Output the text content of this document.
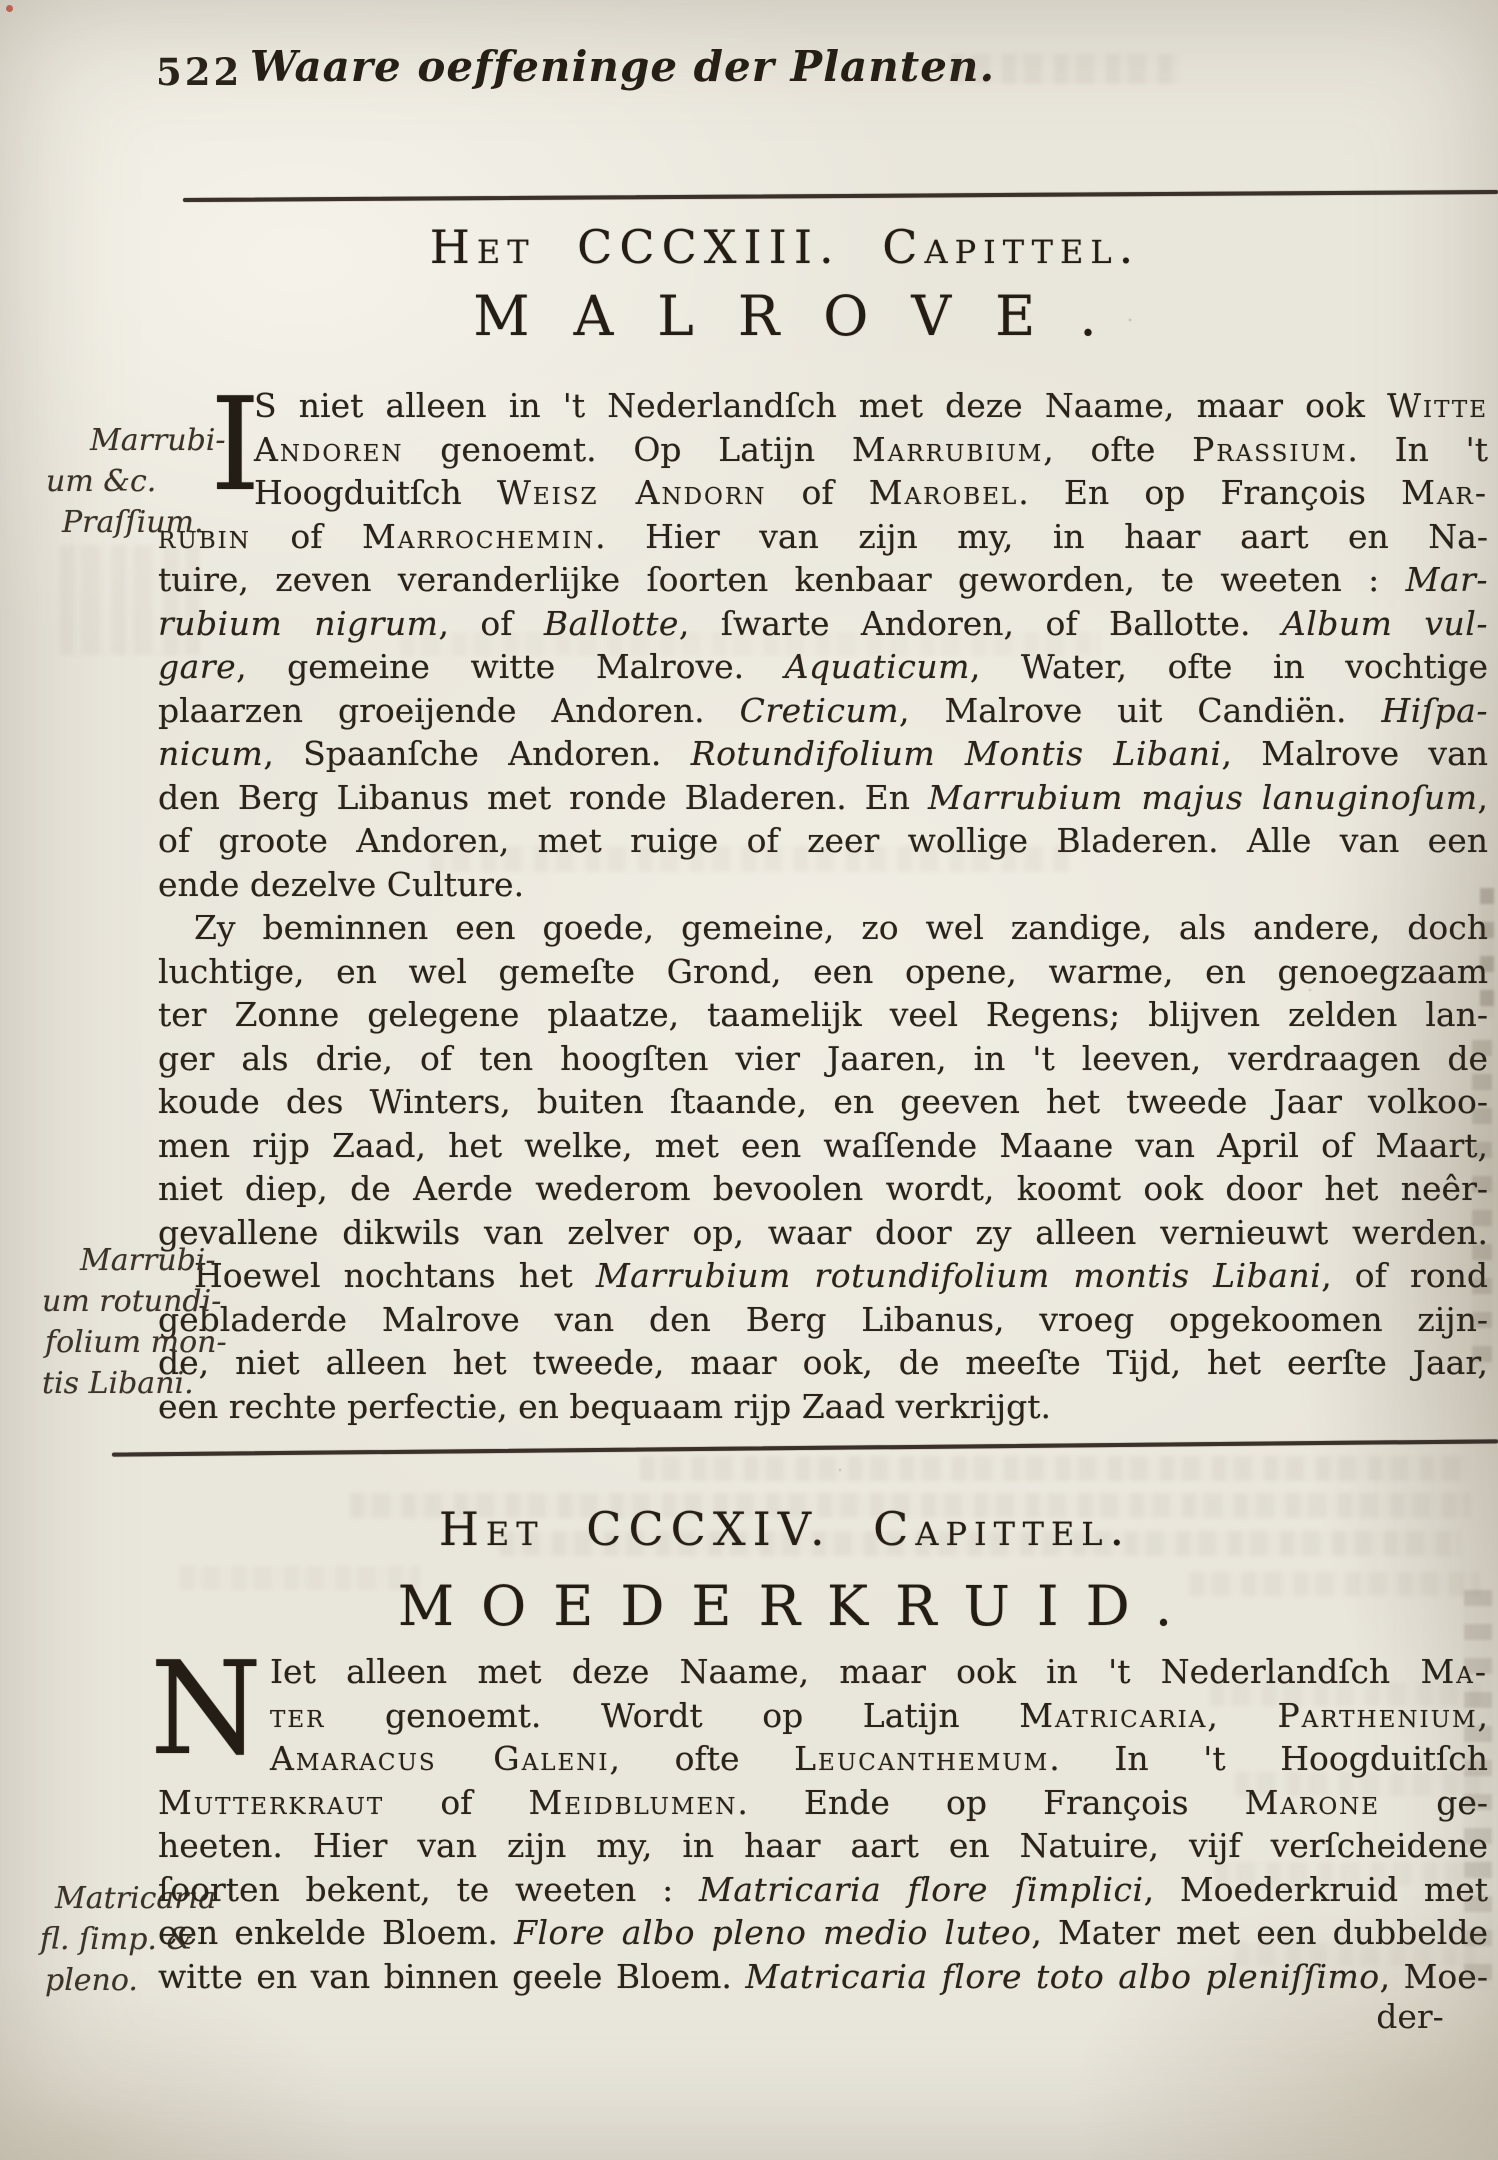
522 Waare oeffeninge der Planten.
Het CCCXIII. Capittel.
MALROVE.
I
S niet alleen in 't Nederlandſch met deze Naame, maar ook Witte
Andoren genoemt. Op Latijn Marrubium, ofte Prassium. In 't
Hoogduitſch Weisz Andorn of Marobel. En op François Mar-
rubin of Marrochemin. Hier van zijn my, in haar aart en Na-
tuire, zeven veranderlijke ſoorten kenbaar geworden, te weeten : Mar-
rubium nigrum, of Ballotte, ſwarte Andoren, of Ballotte. Album vul-
gare, gemeine witte Malrove. Aquaticum, Water, ofte in vochtige
plaarzen groeijende Andoren. Creticum, Malrove uit Candiën. Hiſpa-
nicum, Spaanſche Andoren. Rotundifolium Montis Libani, Malrove van
den Berg Libanus met ronde Bladeren. En Marrubium majus lanuginoſum,
of groote Andoren, met ruige of zeer wollige Bladeren. Alle van een
ende dezelve Culture.
Zy beminnen een goede, gemeine, zo wel zandige, als andere, doch
luchtige, en wel gemeſte Grond, een opene, warme, en genoegzaam
ter Zonne gelegene plaatze, taamelijk veel Regens; blijven zelden lan-
ger als drie, of ten hoogſten vier Jaaren, in 't leeven, verdraagen de
koude des Winters, buiten ſtaande, en geeven het tweede Jaar volkoo-
men rijp Zaad, het welke, met een waſſende Maane van April of Maart,
niet diep, de Aerde wederom bevoolen wordt, koomt ook door het neêr-
gevallene dikwils van zelver op, waar door zy alleen vernieuwt werden.
Hoewel nochtans het Marrubium rotundifolium montis Libani, of rond
gebladerde Malrove van den Berg Libanus, vroeg opgekoomen zijn-
de, niet alleen het tweede, maar ook, de meeſte Tijd, het eerſte Jaar,
een rechte perfectie, en bequaam rijp Zaad verkrijgt.
Marrubi-
um &c.
Praſſium.
Marrubi-
um rotundi-
folium mon-
tis Libani.
Matricaria
fl. ſimp. &
pleno.
Het CCCXIV. Capittel.
MOEDERKRUID.
N Iet alleen met deze Naame, maar ook in 't Nederlandſch Ma-
ter genoemt. Wordt op Latijn Matricaria, Parthenium,
Amaracus Galeni, ofte Leucanthemum. In 't Hoogduitſch
Mutterkraut of Meidblumen. Ende op François Marone ge-
heeten. Hier van zijn my, in haar aart en Natuire, vijf verſcheidene
ſoorten bekent, te weeten : Matricaria flore ſimplici, Moederkruid met
een enkelde Bloem. Flore albo pleno medio luteo, Mater met een dubbelde
witte en van binnen geele Bloem. Matricaria flore toto albo pleniſſimo, Moe-
der-
